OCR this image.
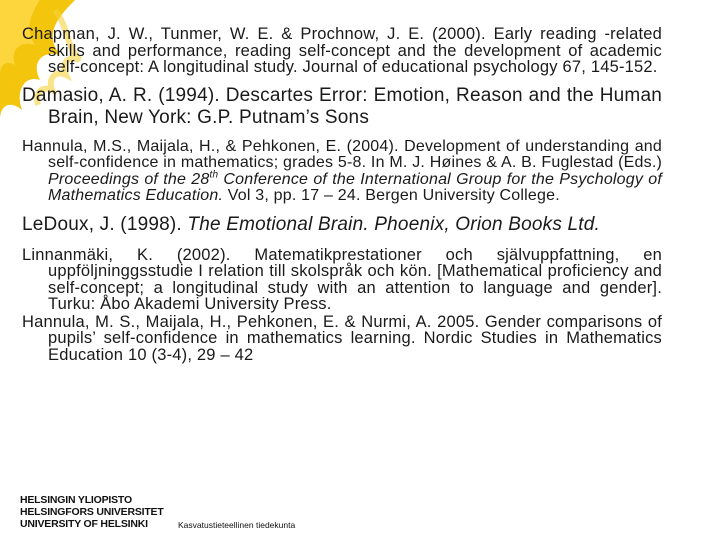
Chapman, J. W., Tunmer, W. E. & Prochnow, J. E. (2000). Early reading -related skills and performance, reading self-concept and the development of academic self-concept: A longitudinal study. Journal of educational psychology 67, 145-152.
Damasio, A. R. (1994). Descartes Error: Emotion, Reason and the Human Brain, New York: G.P. Putnam’s Sons
Hannula, M.S., Maijala, H., & Pehkonen, E. (2004). Development of understanding and self-confidence in mathematics; grades 5-8. In M. J. Høines & A. B. Fuglestad (Eds.) Proceedings of the 28th Conference of the International Group for the Psychology of Mathematics Education. Vol 3, pp. 17 – 24. Bergen University College.
LeDoux, J. (1998). The Emotional Brain. Phoenix, Orion Books Ltd.
Linnanmäki, K. (2002). Matematikprestationer och självuppfattning, en uppföljninggsstudie I relation till skolspråk och kön. [Mathematical proficiency and self-concept; a longitudinal study with an attention to language and gender]. Turku: Åbo Akademi University Press.
Hannula, M. S., Maijala, H., Pehkonen, E. & Nurmi, A. 2005. Gender comparisons of pupils’ self-confidence in mathematics learning. Nordic Studies in Mathematics Education 10 (3-4), 29 – 42
HELSINGIN YLIOPISTO
HELSINGFORS UNIVERSITET
UNIVERSITY OF HELSINKI	Kasvatustieteellinen tiedekunta
